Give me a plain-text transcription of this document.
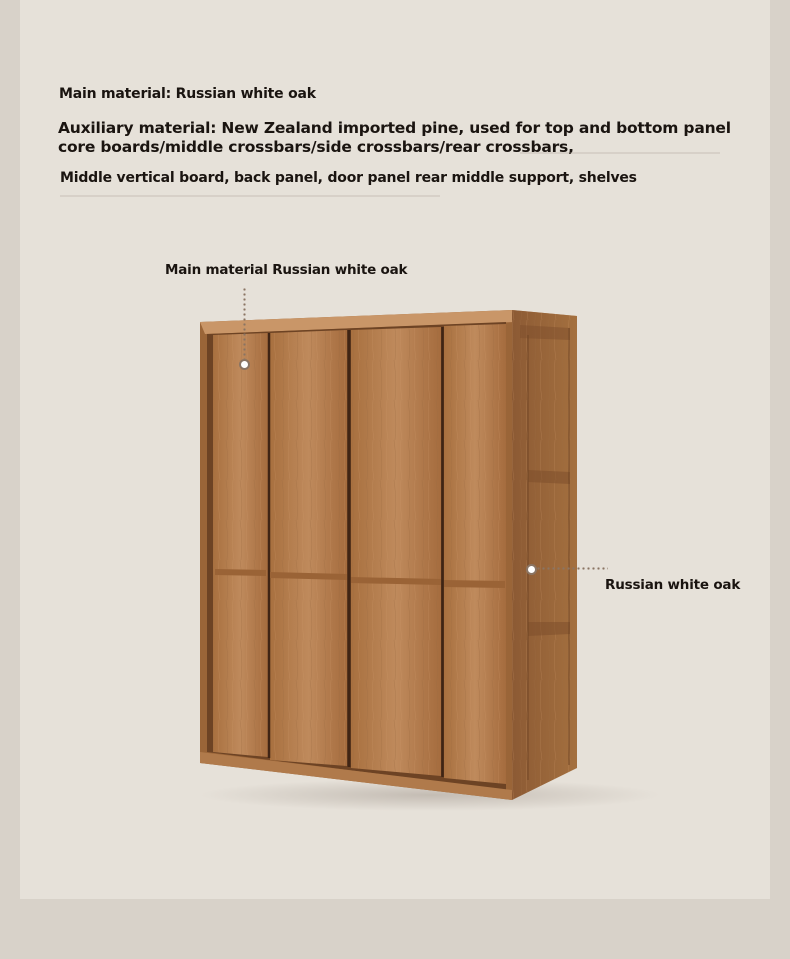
Main material: Russian white oak
Auxiliary material: New Zealand imported pine, used for top and bottom panel core boards/middle crossbars/side crossbars/rear crossbars,
Middle vertical board, back panel, door panel rear middle support, shelves
Main material Russian white oak
Russian white oak
